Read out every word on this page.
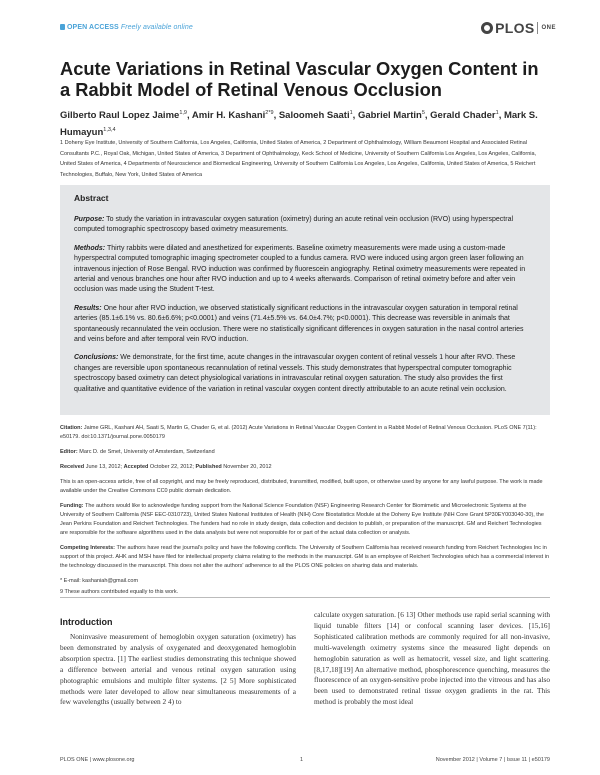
OPEN ACCESS Freely available online	PLOS ONE
Acute Variations in Retinal Vascular Oxygen Content in a Rabbit Model of Retinal Venous Occlusion
Gilberto Raul Lopez Jaime$^{1,9}$, Amir H. Kashani$^{2*9}$, Saloomeh Saati$^1$, Gabriel Martin$^5$, Gerald Chader$^1$, Mark S. Humayun$^{1,3,4}$

1 Doheny Eye Institute, University of Southern California, Los Angeles, California, United States of America, 2 Department of Ophthalmology, William Beaumont Hospital and Associated Retinal Consultants P.C., Royal Oak, Michigan, United States of America, 3 Department of Ophthalmology, Keck School of Medicine, University of Southern California Los Angeles, Los Angeles, California, United States of America, 4 Departments of Neuroscience and Biomedical Engineering, University of Southern California Los Angeles, Los Angeles, California, United States of America, 5 Reichert Technologies, Buffalo, New York, United States of America

Abstract

Purpose: To study the variation in intravascular oxygen saturation (oximetry) during an acute retinal vein occlusion (RVO) using hyperspectral computed tomographic spectroscopy based oximetry measurements.

Methods: Thirty rabbits were dilated and anesthetized for experiments. Baseline oximetry measurements were made using a custom-made hyperspectral computed tomographic imaging spectrometer coupled to a fundus camera. RVO were induced using argon green laser following an intravenous injection of Rose Bengal. RVO induction was confirmed by fluorescein angiography. Retinal oximetry measurements were repeated in arterial and venous branches one hour after RVO induction and up to 4 weeks afterwards. Comparison of retinal oximetry before and after vein occlusion was made using the Student T-test.

Results: One hour after RVO induction, we observed statistically significant reductions in the intravascular oxygen saturation in temporal retinal arteries (85.1±6.1% vs. 80.6±6.6%; p<0.0001) and veins (71.4±5.5% vs. 64.0±4.7%; p<0.0001). This decrease was reversible in animals that spontaneously recannulated the vein occlusion. There were no statistically significant differences in oxygen saturation in the nasal control arteries and veins before and after temporal vein RVO induction.

Conclusions: We demonstrate, for the first time, acute changes in the intravascular oxygen content of retinal vessels 1 hour after RVO. These changes are reversible upon spontaneous recannulation of retinal vessels. This study demonstrates that hyperspectral computer tomographic spectroscopy based oximetry can detect physiological variations in intravascular retinal oxygen saturation. The study also provides the first qualitative and quantitative evidence of the variation in retinal vascular oxygen content directly attributable to an acute retinal vein occlusion.

Citation: Jaime GRL, Kashani AH, Saati S, Martin G, Chader G, et al. (2012) Acute Variations in Retinal Vascular Oxygen Content in a Rabbit Model of Retinal Venous Occlusion. PLoS ONE 7(11): e50179. doi:10.1371/journal.pone.0050179

Editor: Marc D. de Smet, University of Amsterdam, Switzerland

Received June 13, 2012; Accepted October 22, 2012; Published November 20, 2012

This is an open-access article, free of all copyright, and may be freely reproduced, distributed, transmitted, modified, built upon, or otherwise used by anyone for any lawful purpose. The work is made available under the Creative Commons CC0 public domain dedication.

Funding: The authors would like to acknowledge funding support from the National Science Foundation (NSF) Engineering Research Center for Biomimetic and Microelectronic Systems at the University of Southern California (NSF EEC-0310723), United States National Institutes of Health (NIH) Core Biostatistics Module at the Doheny Eye Institute (NIH Core Grant 5P30EY003040-30), the Jean Perkins Foundation and Reichert Technologies. The funders had no role in study design, data collection and decision to publish, or preparation of the manuscript. GM and Reichert Technologies are responsible for the software algorithms used in the data analysis but were not responsible for or part of the actual data collection or analysis.

Competing Interests: The authors have read the journal's policy and have the following conflicts. The University of Southern California has received research funding from Reichert Technologies Inc in support of this project. AHK and MSH have filed for intellectual property claims relating to the methods in the manuscript. GM is an employee of Reichert Technologies which has a commercial interest in the technology discussed in the manuscript. This does not alter the authors' adherence to all the PLOS ONE policies on sharing data and materials.

* E-mail: kashaniah@gmail.com

9 These authors contributed equally to this work.

Introduction

Noninvasive measurement of hemoglobin oxygen saturation (oximetry) has been demonstrated by analysis of oxygenated and deoxygenated hemoglobin absorption spectra. [1] The earliest studies demonstrating this technique showed a difference between arterial and venous retinal oxygen saturation using photographic emulsions and multiple filter systems. [2 5] More sophisticated methods were later developed to allow near simultaneous measurements of a few wavelengths (usually between 2 4) to

calculate oxygen saturation. [6 13] Other methods use rapid serial scanning with liquid tunable filters [14] or confocal scanning laser devices. [15,16] Sophisticated calibration methods are commonly required for all non-invasive, multi-wavelength oximetry systems since the measured light depends on hemoglobin saturation as well as hematocrit, vessel size, and light scattering. [8,17,18][19] An alternative method, phosphorescence quenching, measures the fluorescence of an oxygen-sensitive probe injected into the vitreous and has also been used to demonstrated retinal tissue oxygen gradients in the rat. This method is probably the most ideal

PLOS ONE | www.plosone.org	1	November 2012 | Volume 7 | Issue 11 | e50179
